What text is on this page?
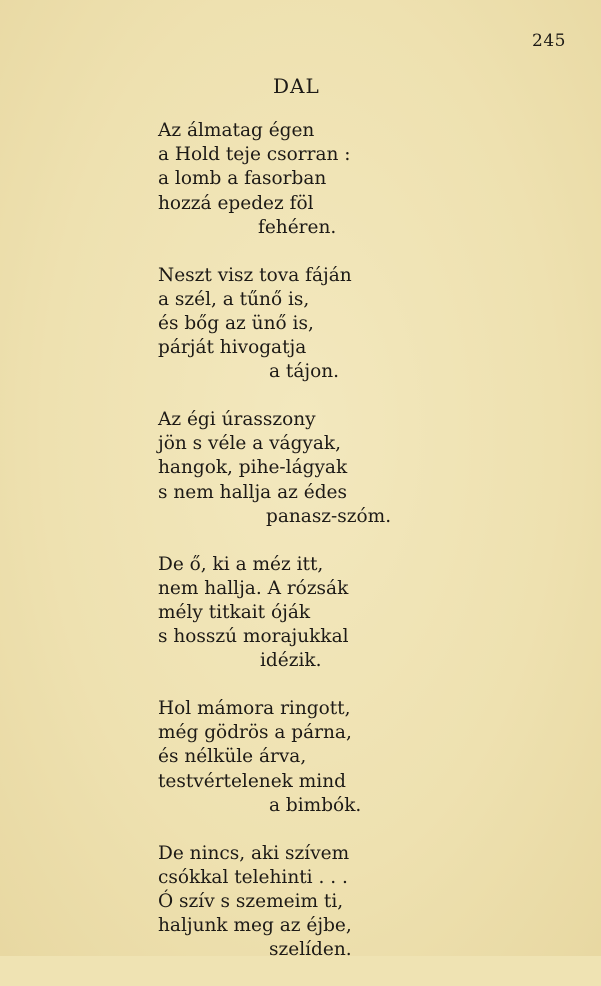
245
DAL
Az álmatag égen
a Hold teje csorran :
a lomb a fasorban
hozzá epedez föl
fehéren.
Neszt visz tova fáján
a szél, a tűnő is,
és bőg az ünő is,
párját hivogatja
a tájon.
Az égi úrasszony
jön s véle a vágyak,
hangok, pihe-lágyak
s nem hallja az édes
panasz-szóm.
De ő, ki a méz itt,
nem hallja. A rózsák
mély titkait óják
s hosszú morajukkal
idézik.
Hol mámora ringott,
még gödrös a párna,
és nélküle árva,
testvértelenek mind
a bimbók.
De nincs, aki szívem
csókkal telehinti . . .
Ó szív s szemeim ti,
haljunk meg az éjbe,
szelíden.
